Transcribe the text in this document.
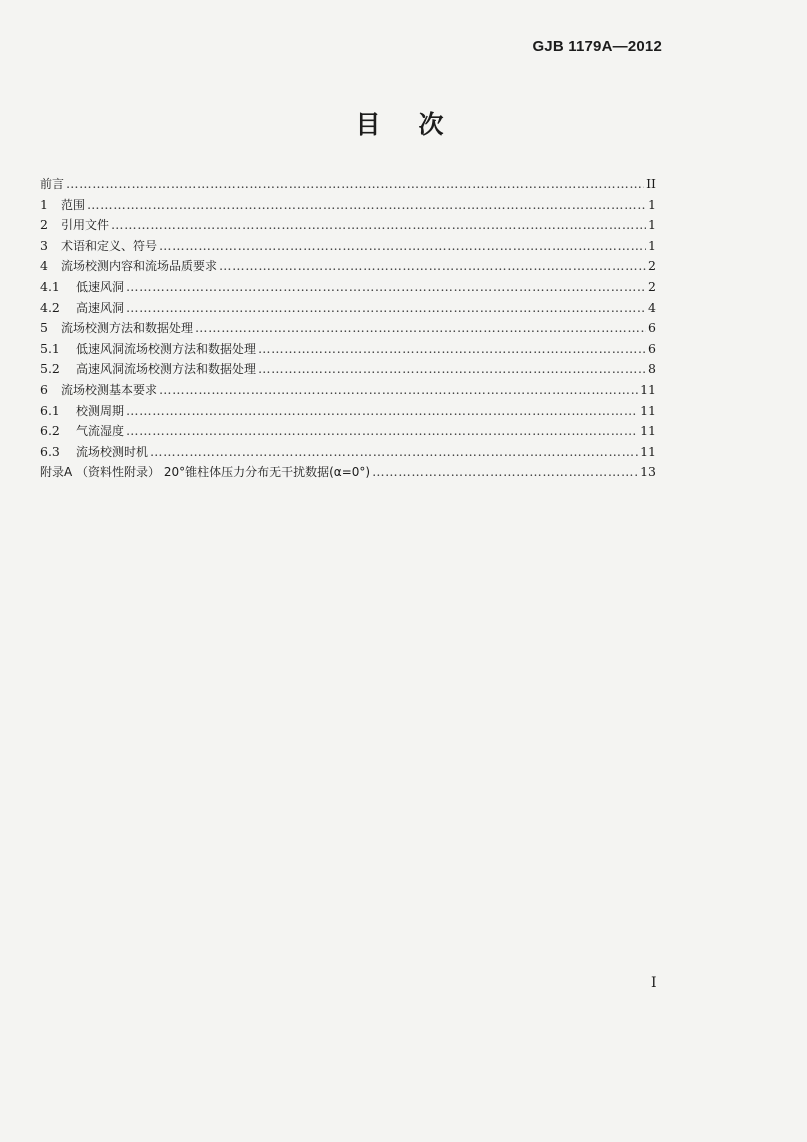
GJB 1179A—2012
目次
前言 ……………………………………………………………………………………………………………………………………………………………………………………………………	II
1	范围 ……………………………………………………………………………………………………………………………………………………………………………………………………	1
2	引用文件 ……………………………………………………………………………………………………………………………………………………………………………………………………	1
3	术语和定义、符号 ……………………………………………………………………………………………………………………………………………………………………………………………………	1
4	流场校测内容和流场品质要求 ……………………………………………………………………………………………………………………………………………………………………………………………………	2
4.1	低速风洞 ……………………………………………………………………………………………………………………………………………………………………………………………………	2
4.2	高速风洞 ……………………………………………………………………………………………………………………………………………………………………………………………………	4
5	流场校测方法和数据处理 ……………………………………………………………………………………………………………………………………………………………………………………………………	6
5.1	低速风洞流场校测方法和数据处理 ……………………………………………………………………………………………………………………………………………………………………………………………………	6
5.2	高速风洞流场校测方法和数据处理 ……………………………………………………………………………………………………………………………………………………………………………………………………	8
6	流场校测基本要求 ……………………………………………………………………………………………………………………………………………………………………………………………………	11
6.1	校测周期 ……………………………………………………………………………………………………………………………………………………………………………………………………	11
6.2	气流湿度 ……………………………………………………………………………………………………………………………………………………………………………………………………	11
6.3	流场校测时机 ……………………………………………………………………………………………………………………………………………………………………………………………………	11
附录A （资料性附录） 20°锥柱体压力分布无干扰数据(α=0°) ……………………………………………………………………………………………………………………………………………………………………………………………………	13
I
